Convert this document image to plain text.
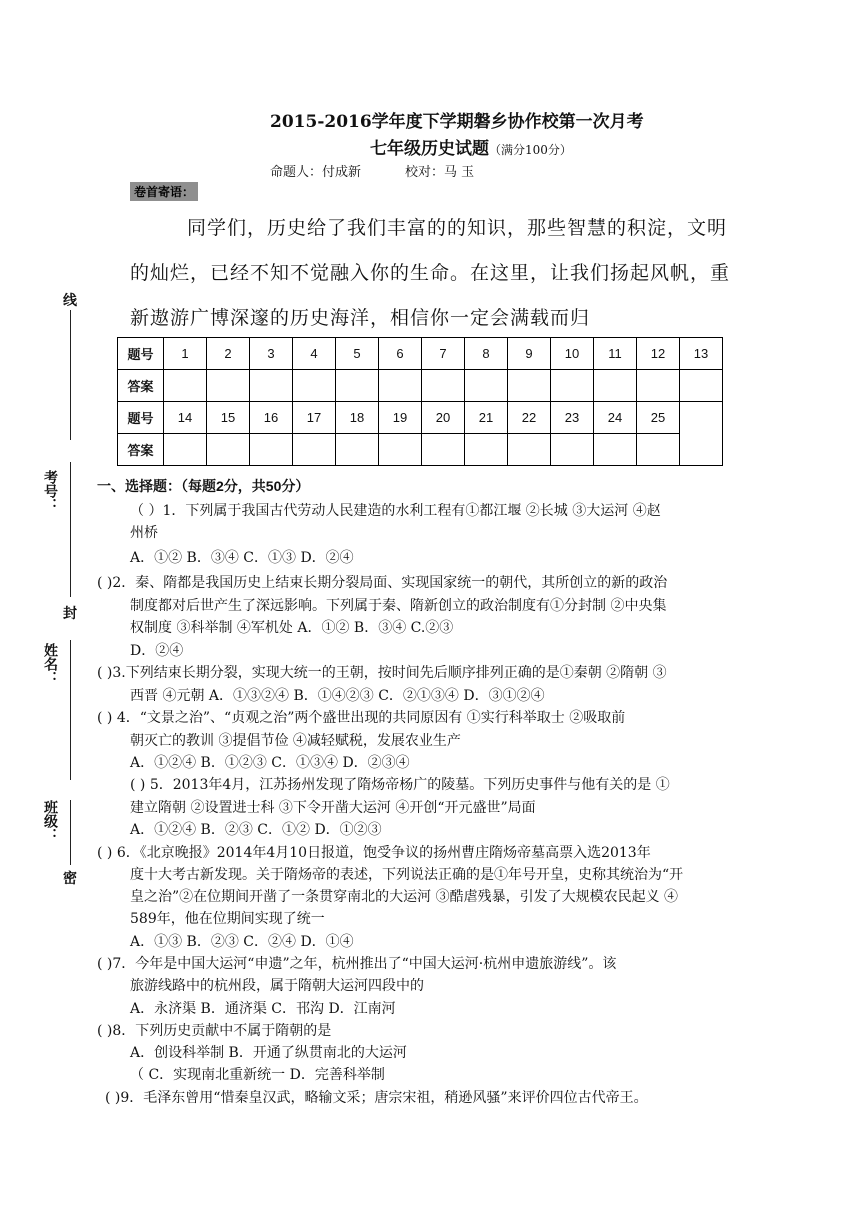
2015-2016学年度下学期磐乡协作校第一次月考
七年级历史试题（满分100分）
命题人：付成新	校对：马 玉
卷首寄语：
同学们，历史给了我们丰富的的知识，那些智慧的积淀，文明
的灿烂，已经不知不觉融入你的生命。在这里，让我们扬起风帆，重
新遨游广博深邃的历史海洋，相信你一定会满载而归
题号	1	2	3	4	5	6	7	8	9	10	11	12	13
答案													
题号	14	15	16	17	18	19	20	21	22	23	24	25	
答案													
一、选择题：（每题2分，共50分）
（ ）1．下列属于我国古代劳动人民建造的水利工程有①都江堰 ②长城 ③大运河 ④赵
州桥
A．①② B．③④ C．①③ D．②④
( )2．秦、隋都是我国历史上结束长期分裂局面、实现国家统一的朝代，其所创立的新的政治
制度都对后世产生了深远影响。下列属于秦、隋新创立的政治制度有①分封制 ②中央集
权制度 ③科举制 ④军机处 A．①② B．③④ C.②③
D．②④
( )3.下列结束长期分裂，实现大统一的王朝，按时间先后顺序排列正确的是①秦朝 ②隋朝 ③
西晋 ④元朝 A．①③②④ B．①④②③ C．②①③④ D．③①②④
( ) 4．“文景之治”、“贞观之治”两个盛世出现的共同原因有 ①实行科举取士 ②吸取前
朝灭亡的教训 ③提倡节俭 ④减轻赋税，发展农业生产
A．①②④ B．①②③ C．①③④ D．②③④
( ) 5．2013年4月，江苏扬州发现了隋炀帝杨广的陵墓。下列历史事件与他有关的是 ①
建立隋朝 ②设置进士科 ③下令开凿大运河 ④开创“开元盛世”局面
A．①②④ B．②③ C．①② D．①②③
( ) 6．《北京晚报》2014年4月10日报道，饱受争议的扬州曹庄隋炀帝墓高票入选2013年
度十大考古新发现。关于隋炀帝的表述，下列说法正确的是①年号开皇，史称其统治为“开
皇之治”②在位期间开凿了一条贯穿南北的大运河 ③酷虐残暴，引发了大规模农民起义 ④
589年，他在位期间实现了统一
A．①③ B．②③ C．②④ D．①④
( )7．今年是中国大运河“申遗”之年，杭州推出了“中国大运河·杭州申遗旅游线”。该
旅游线路中的杭州段，属于隋朝大运河四段中的
A．永济渠 B．通济渠 C．邗沟 D．江南河
( )8．下列历史贡献中不属于隋朝的是
A．创设科举制 B．开通了纵贯南北的大运河
（ C．实现南北重新统一 D．完善科举制
( )9．毛泽东曾用“惜秦皇汉武，略输文采；唐宗宋祖，稍逊风骚”来评价四位古代帝王。
线
考号：
封
姓名：
班级：
密
